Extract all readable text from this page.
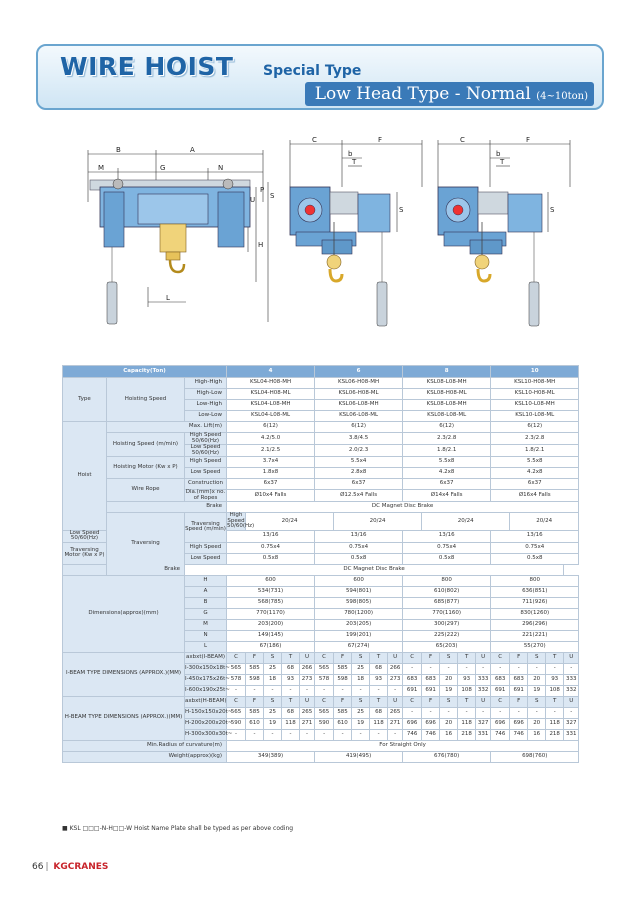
WIRE HOIST Special Type
Low Head Type - Normal (4~10ton)
B	A
M	G	N
U
H
L
S
P
C	F
b
T
S
C	F
b
T
S
Capacity(Ton)			4					6					8					10				
Type	Hoisting Speed	High-High	KSL04-H08-MH					KSL06-H08-MH					KSL08-L08-MH					KSL10-H08-MH				
		High-Low	KSL04-H08-ML					KSL06-H08-ML					KSL08-H08-ML					KSL10-H08-ML				
		Low-High	KSL04-L08-MH					KSL06-L08-MH					KSL08-L08-MH					KSL10-L08-MH				
		Low-Low	KSL04-L08-ML					KSL06-L08-ML					KSL08-L08-ML					KSL10-L08-ML				
Hoist	Max. Lift(m)		6(12)					6(12)					6(12)					6(12)				
	Hoisting Speed (m/min)	High Speed 50/60(Hz)	4.2/5.0					3.8/4.5					2.3/2.8					2.3/2.8				
		Low Speed 50/60(Hz)	2.1/2.5					2.0/2.3					1.8/2.1					1.8/2.1				
	Hoisting Motor (Kw x P)	High Speed	3.7x4					5.5x4					5.5x8					5.5x8				
		Low Speed	1.8x8					2.8x8					4.2x8					4.2x8				
	Wire Rope	Construction	6x37					6x37					6x37					6x37				
		Dia.(mm)x no. of Ropes	Ø10x4 Falls					Ø12.5x4 Falls					Ø14x4 Falls					Ø16x4 Falls				
	Brake		DC Magnet Disc Brake																			
	Traversing	Traversing Speed (m/min)	High Speed 50/60(Hz)	20/24					20/24					20/24					20/24			
Low Speed 50/60(Hz)			13/16					13/16					13/16					13/16				
Traversing Motor (Kw x P)		High Speed	0.75x4					0.75x4					0.75x4					0.75x4				
		Low Speed	0.5x8					0.5x8					0.5x8					0.5x8				
Brake		DC Magnet Disc Brake																				
Dimensions(approx)(mm)		H	600					600					800					800				
		A	534(731)					594(801)					610(802)					636(851)				
		B	568(785)					598(805)					685(877)					711(926)				
		G	770(1170)					780(1200)					770(1160)					830(1260)				
		M	203(200)					203(205)					300(297)					296(296)				
		N	149(145)					199(201)					225(222)					221(221)				
		L	67(186)					67(274)					65(203)					55(270)				
I-BEAM TYPE DIMENSIONS (APPROX.)(MM)		axbxt(I-BEAM)	C	F	S	T	U	C	F	S	T	U	C	F	S	T	U	C	F	S	T	U
		I-300x150x18t~	565	585	25	68	266	565	585	25	68	266	-	-	-	-	-	-	-	-	-	-
		I-450x175x26t~	578	598	18	93	273	578	598	18	93	273	683	683	20	93	333	683	683	20	93	333
		I-600x190x25t~	-	-	-	-	-	-	-	-	-	-	691	691	19	108	332	691	691	19	108	332
H-BEAM TYPE DIMENSIONS (APPROX.)(MM)		axbxt(H-BEAM)	C	F	S	T	U	C	F	S	T	U	C	F	S	T	U	C	F	S	T	U
		H-150x150x20t~	565	585	25	68	265	565	585	25	68	265	-	-	-	-	-	-	-	-	-	-
		H-200x200x20t~	590	610	19	118	271	590	610	19	118	271	696	696	20	118	327	696	696	20	118	327
		H-300x300x30t~	-	-	-	-	-	-	-	-	-	-	746	746	16	218	331	746	746	16	218	331
Min.Radius of curvature(m)			For Straight Only																			
Weight(approx)(kg)			349(389)					419(495)					676(780)					698(760)				
■ KSL □□□-N-H□□-W Hoist Name Plate shall be typed as per above coding
66 | KGCRANES
